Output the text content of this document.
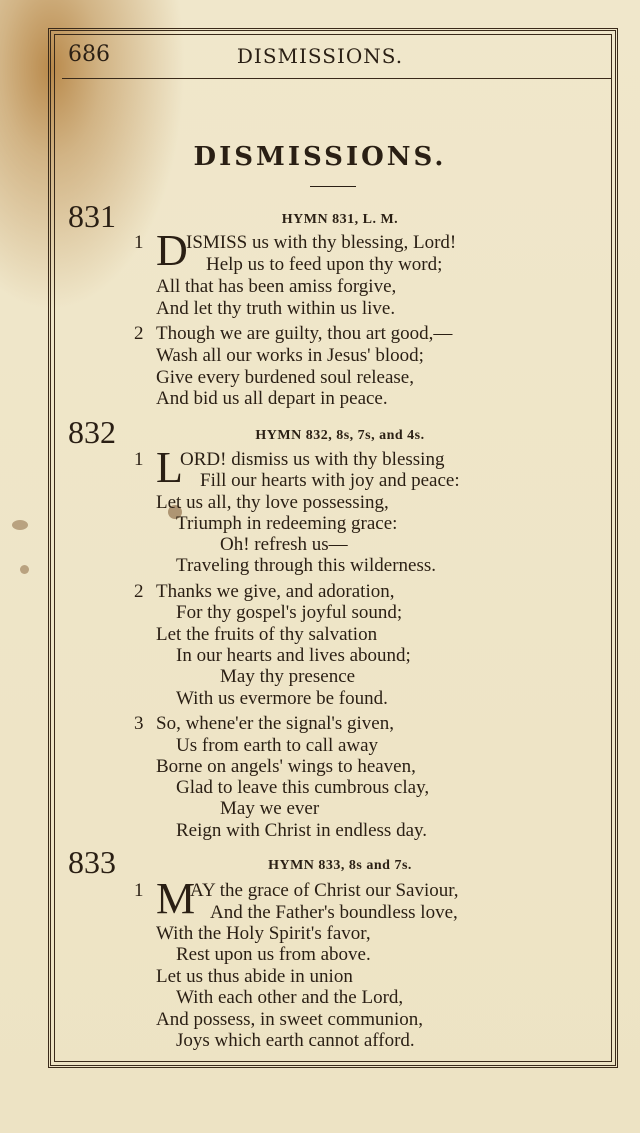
686	DISMISSIONS.
DISMISSIONS.
831	HYMN 831, L. M.
1 D
ISMISS us with thy blessing, Lord!
Help us to feed upon thy word;
All that has been amiss forgive,
And let thy truth within us live.
2 Though we are guilty, thou art good,—
Wash all our works in Jesus' blood;
Give every burdened soul release,
And bid us all depart in peace.
832	HYMN 832, 8s, 7s, and 4s.
1 L
ORD! dismiss us with thy blessing
Fill our hearts with joy and peace:
Let us all, thy love possessing,
Triumph in redeeming grace:
Oh! refresh us—
Traveling through this wilderness.
2 Thanks we give, and adoration,
For thy gospel's joyful sound;
Let the fruits of thy salvation
In our hearts and lives abound;
May thy presence
With us evermore be found.
3 So, whene'er the signal's given,
Us from earth to call away
Borne on angels' wings to heaven,
Glad to leave this cumbrous clay,
May we ever
Reign with Christ in endless day.
833	HYMN 833, 8s and 7s.
1 M
AY the grace of Christ our Saviour,
And the Father's boundless love,
With the Holy Spirit's favor,
Rest upon us from above.
Let us thus abide in union
With each other and the Lord,
And possess, in sweet communion,
Joys which earth cannot afford.
